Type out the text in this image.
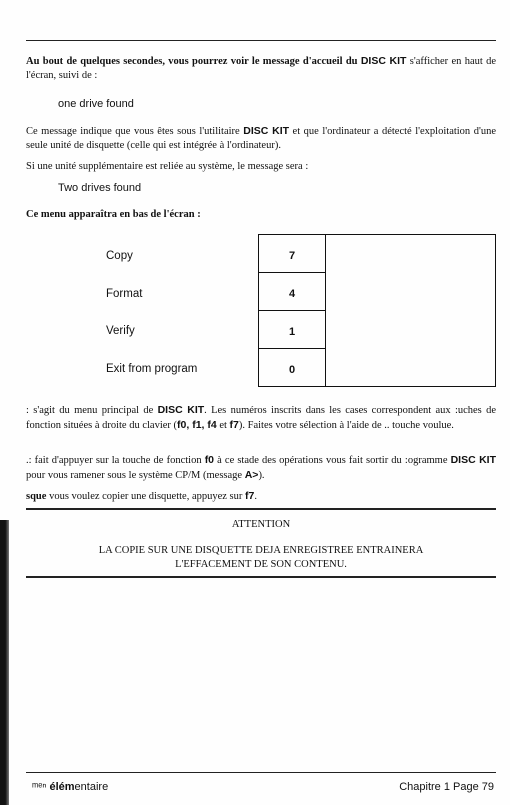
Au bout de quelques secondes, vous pourrez voir le message d'accueil du DISC KIT s'afficher en haut de l'écran, suivi de :

one drive found

Ce message indique que vous êtes sous l'utilitaire DISC KIT et que l'ordinateur a détecté l'exploitation d'une seule unité de disquette (celle qui est intégrée à l'ordinateur).

Si une unité supplémentaire est reliée au système, le message sera :

Two drives found

Ce menu apparaîtra en bas de l'écran :

Copy
Format
Verify
Exit from program
7
4
1
0

: s'agit du menu principal de DISC KIT. Les numéros inscrits dans les cases correspondent aux :uches de fonction situées à droite du clavier (f0, f1, f4 et f7). Faites votre sélection à l'aide de .. touche voulue.

.: fait d'appuyer sur la touche de fonction f0 à ce stade des opérations vous fait sortir du :ogramme DISC KIT pour vous ramener sous le système CP/M (message A>).

sque vous voulez copier une disquette, appuyez sur f7.

ATTENTION
LA COPIE SUR UNE DISQUETTE DEJA ENREGISTREE ENTRAINERA
L'EFFACEMENT DE SON CONTENU.
ᵐᵉⁿ élémentaire	Chapitre 1 Page 79
